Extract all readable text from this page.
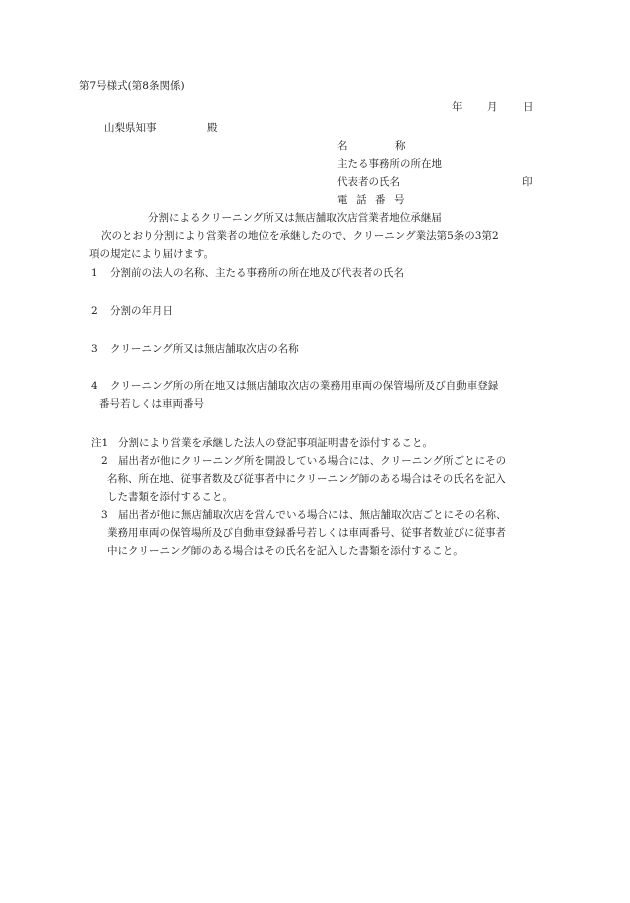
第7号様式(第8条関係)
年 月 日
山梨県知事	殿
名	称
主たる事務所の所在地
代表者の氏名	印
電 話 番 号
分割によるクリーニング所又は無店舗取次店営業者地位承継届
次のとおり分割により営業者の地位を承継したので、クリーニング業法第5条の3第2
項の規定により届けます。
1 分割前の法人の名称、主たる事務所の所在地及び代表者の氏名
2 分割の年月日
3 クリーニング所又は無店舗取次店の名称
4 クリーニング所の所在地又は無店舗取次店の業務用車両の保管場所及び自動車登録
番号若しくは車両番号
注1 分割により営業を承継した法人の登記事項証明書を添付すること。
2 届出者が他にクリーニング所を開設している場合には、クリーニング所ごとにその
名称、所在地、従事者数及び従事者中にクリーニング師のある場合はその氏名を記入
した書類を添付すること。
3 届出者が他に無店舗取次店を営んでいる場合には、無店舗取次店ごとにその名称、
業務用車両の保管場所及び自動車登録番号若しくは車両番号、従事者数並びに従事者
中にクリーニング師のある場合はその氏名を記入した書類を添付すること。
